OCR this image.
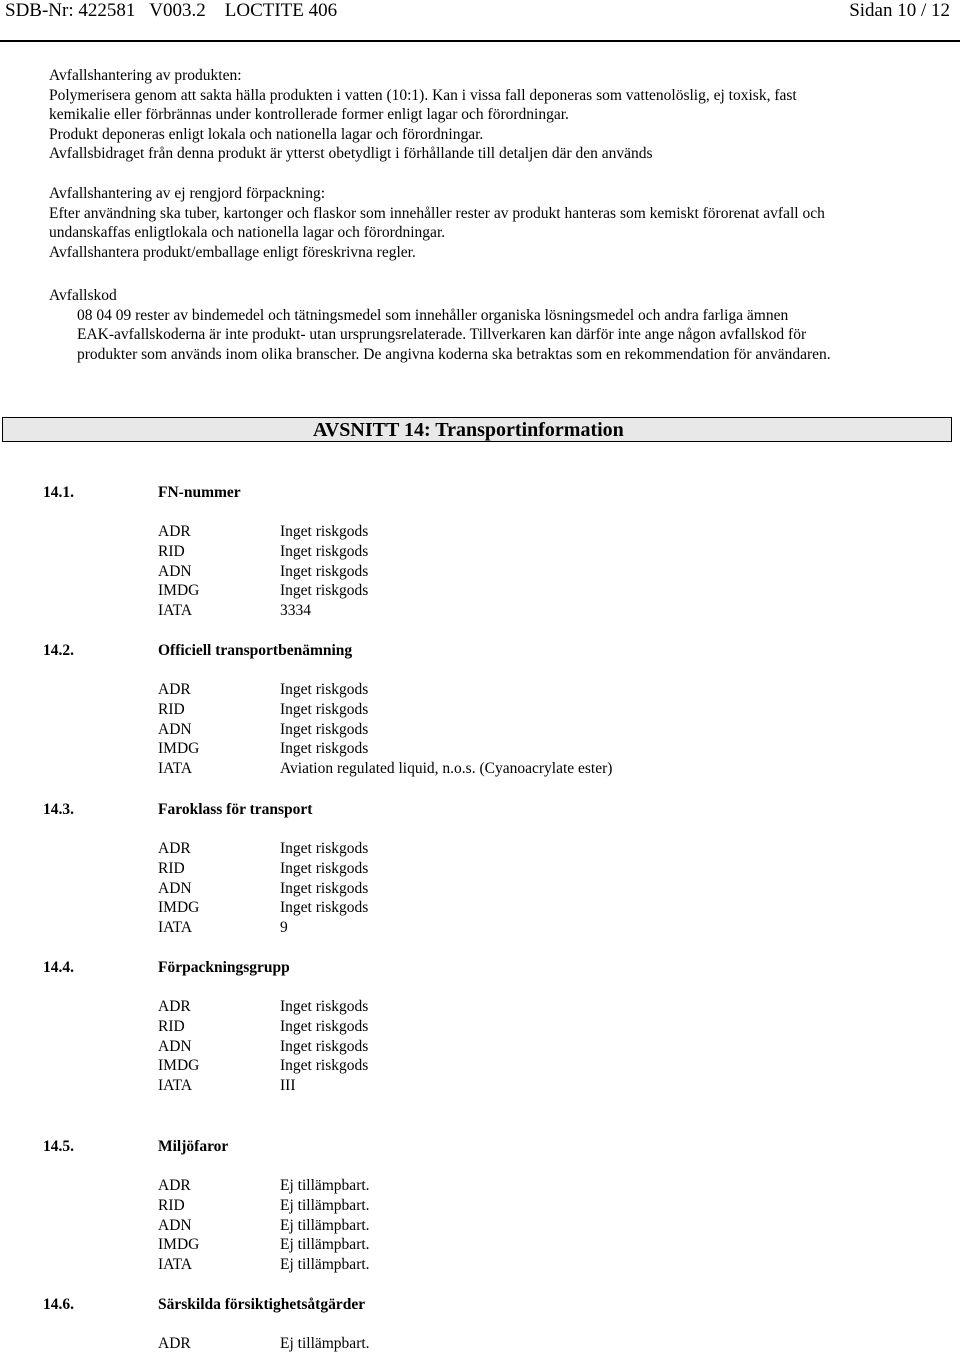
SDB-Nr: 422581   V003.2    LOCTITE 406	Sidan 10 / 12

Avfallshantering av produkten:

Polymerisera genom att sakta hälla produkten i vatten (10:1). Kan i vissa fall deponeras som vattenolöslig, ej toxisk, fast

kemikalie eller förbrännas under kontrollerade former enligt lagar och förordningar.

Produkt deponeras enligt lokala och nationella lagar och förordningar.

Avfallsbidraget från denna produkt är ytterst obetydligt i förhållande till detaljen där den används

Avfallshantering av ej rengjord förpackning:

Efter användning ska tuber, kartonger och flaskor som innehåller rester av produkt hanteras som kemiskt förorenat avfall och

undanskaffas enligtlokala och nationella lagar och förordningar.

Avfallshantera produkt/emballage enligt föreskrivna regler.

Avfallskod

08 04 09 rester av bindemedel och tätningsmedel som innehåller organiska lösningsmedel och andra farliga ämnen

EAK-avfallskoderna är inte produkt- utan ursprungsrelaterade. Tillverkaren kan därför inte ange någon avfallskod för

produkter som används inom olika branscher. De angivna koderna ska betraktas som en rekommendation för användaren.

AVSNITT 14: Transportinformation
14.1.	FN-nummer
ADR	Inget riskgods
RID	Inget riskgods
ADN	Inget riskgods
IMDG	Inget riskgods
IATA	3334
14.2.	Officiell transportbenämning
ADR	Inget riskgods
RID	Inget riskgods
ADN	Inget riskgods
IMDG	Inget riskgods
IATA	Aviation regulated liquid, n.o.s. (Cyanoacrylate ester)
14.3.	Faroklass för transport
ADR	Inget riskgods
RID	Inget riskgods
ADN	Inget riskgods
IMDG	Inget riskgods
IATA	9
14.4.	Förpackningsgrupp
ADR	Inget riskgods
RID	Inget riskgods
ADN	Inget riskgods
IMDG	Inget riskgods
IATA	III
14.5.	Miljöfaror
ADR	Ej tillämpbart.
RID	Ej tillämpbart.
ADN	Ej tillämpbart.
IMDG	Ej tillämpbart.
IATA	Ej tillämpbart.
14.6.	Särskilda försiktighetsåtgärder
ADR	Ej tillämpbart.
